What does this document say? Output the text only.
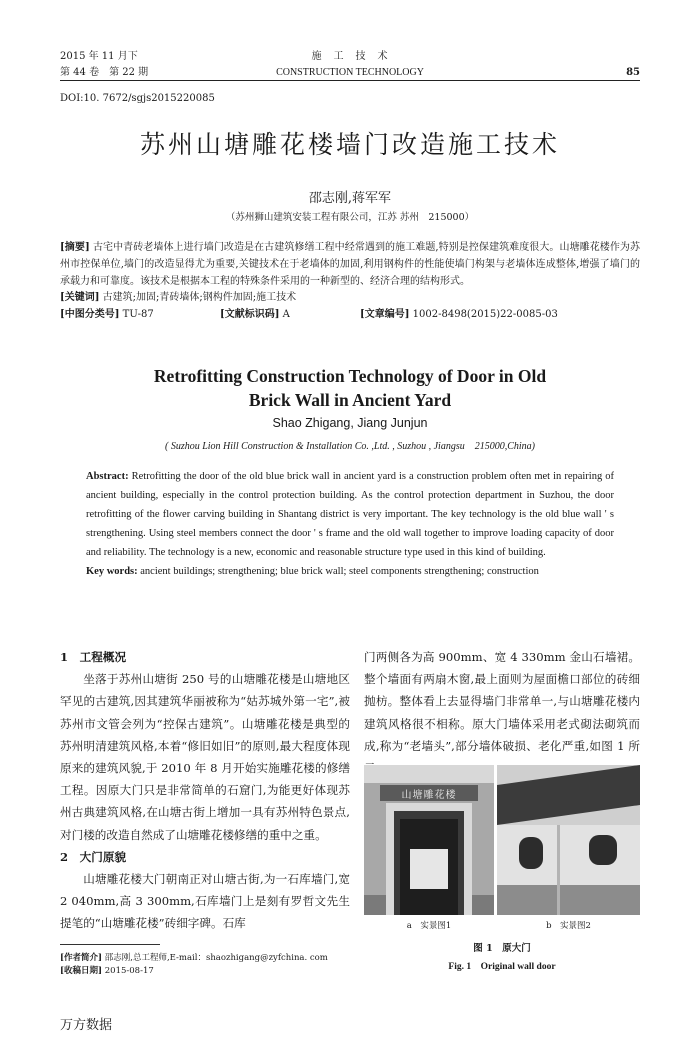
2015 年 11 月下
第 44 卷　第 22 期
施　工　技　术
CONSTRUCTION TECHNOLOGY	85
DOI:10. 7672/sgjs2015220085
苏州山塘雕花楼墙门改造施工技术
邵志刚,蒋军军
（苏州狮山建筑安装工程有限公司，江苏 苏州　215000）
[摘要] 古宅中青砖老墙体上进行墙门改造是在古建筑修缮工程中经常遇到的施工难题,特别是控保建筑难度很大。山塘雕花楼作为苏州市控保单位,墙门的改造显得尤为重要,关键技术在于老墙体的加固,利用钢构件的性能使墙门构架与老墙体连成整体,增强了墙门的承载力和可靠度。该技术是根据本工程的特殊条件采用的一种新型的、经济合理的结构形式。
[关键词] 古建筑;加固;青砖墙体;钢构件加固;施工技术
[中图分类号] TU-87	[文献标识码] A	[文章编号] 1002-8498(2015)22-0085-03
Retrofitting Construction Technology of Door in Old
Brick Wall in Ancient Yard
Shao Zhigang, Jiang Junjun
( Suzhou Lion Hill Construction & Installation Co. ,Ltd. , Suzhou , Jiangsu　215000,China)
Abstract: Retrofitting the door of the old blue brick wall in ancient yard is a construction problem often met in repairing of ancient building, especially in the control protection building. As the control protection department in Suzhou, the door retrofitting of the flower carving building in Shantang district is very important. The key technology is the old blue wall ' s strengthening. Using steel members connect the door ' s frame and the old wall together to improve loading capacity of door and reliability. The technology is a new, economic and reasonable structure type used in this kind of building.
Key words: ancient buildings; strengthening; blue brick wall; steel components strengthening; construction
1　工程概况

坐落于苏州山塘街 250 号的山塘雕花楼是山塘地区罕见的古建筑,因其建筑华丽被称为“姑苏城外第一宅”,被苏州市文管会列为“控保古建筑”。山塘雕花楼是典型的苏州明清建筑风格,本着“修旧如旧”的原则,最大程度体现原来的建筑风貌,于 2010 年 8 月开始实施雕花楼的修缮工程。因原大门只是非常简单的石窟门,为能更好体现苏州古典建筑风格,在山塘古街上增加一具有苏州特色景点,对门楼的改造自然成了山塘雕花楼修缮的重中之重。

2　大门原貌

山塘雕花楼大门朝南正对山塘古街,为一石库墙门,宽 2 040mm,高 3 300mm,石库墙门上是刻有罗哲文先生提笔的“山塘雕花楼”砖细字碑。石库

门两侧各为高 900mm、宽 4 330mm 金山石墙裙。整个墙面有两扇木窗,最上面则为屋面檐口部位的砖细抛枋。整体看上去显得墙门非常单一,与山塘雕花楼内建筑风格很不相称。原大门墙体采用老式砌法砌筑而成,称为“老墙头”,部分墙体破损、老化严重,如图 1 所
山塘雕花楼
a　实景图1	b　实景图2
图 1　原大门
Fig. 1　Original wall door
[作者简介] 邵志刚,总工程师,E-mail：shaozhigang@zyfchina. com
[收稿日期] 2015-08-17
万方数据
